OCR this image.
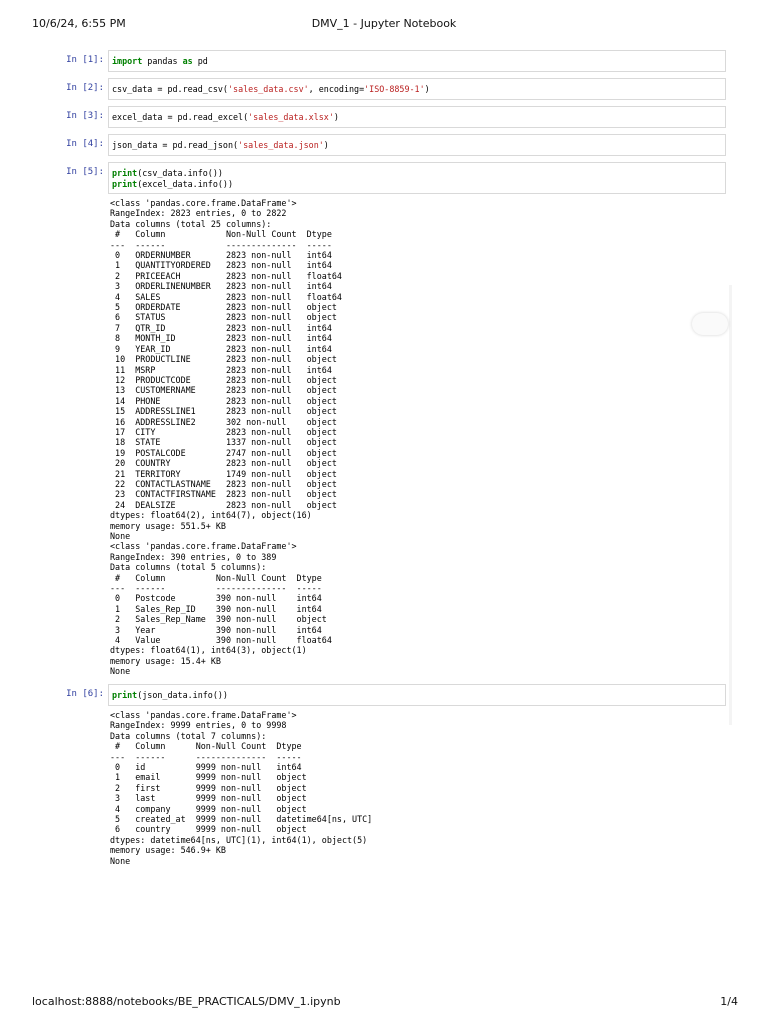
10/6/24, 6:55 PM	DMV_1 - Jupyter Notebook
In [1]: import pandas as pd
In [2]: csv_data = pd.read_csv('sales_data.csv', encoding='ISO-8859-1')
In [3]: excel_data = pd.read_excel('sales_data.xlsx')
In [4]: json_data = pd.read_json('sales_data.json')
In [5]: print(csv_data.info())
print(excel_data.info())
<class 'pandas.core.frame.DataFrame'>
RangeIndex: 2823 entries, 0 to 2822
Data columns (total 25 columns):
#   Column            Non-Null Count  Dtype
---  ------            --------------  -----
0   ORDERNUMBER       2823 non-null   int64
1   QUANTITYORDERED   2823 non-null   int64
2   PRICEEACH         2823 non-null   float64
3   ORDERLINENUMBER   2823 non-null   int64
4   SALES             2823 non-null   float64
5   ORDERDATE         2823 non-null   object
6   STATUS            2823 non-null   object
7   QTR_ID            2823 non-null   int64
8   MONTH_ID          2823 non-null   int64
9   YEAR_ID           2823 non-null   int64
10  PRODUCTLINE       2823 non-null   object
11  MSRP              2823 non-null   int64
12  PRODUCTCODE       2823 non-null   object
13  CUSTOMERNAME      2823 non-null   object
14  PHONE             2823 non-null   object
15  ADDRESSLINE1      2823 non-null   object
16  ADDRESSLINE2      302 non-null    object
17  CITY              2823 non-null   object
18  STATE             1337 non-null   object
19  POSTALCODE        2747 non-null   object
20  COUNTRY           2823 non-null   object
21  TERRITORY         1749 non-null   object
22  CONTACTLASTNAME   2823 non-null   object
23  CONTACTFIRSTNAME  2823 non-null   object
24  DEALSIZE          2823 non-null   object
dtypes: float64(2), int64(7), object(16)
memory usage: 551.5+ KB
None
<class 'pandas.core.frame.DataFrame'>
RangeIndex: 390 entries, 0 to 389
Data columns (total 5 columns):
#   Column          Non-Null Count  Dtype
---  ------          --------------  -----
0   Postcode        390 non-null    int64
1   Sales_Rep_ID    390 non-null    int64
2   Sales_Rep_Name  390 non-null    object
3   Year            390 non-null    int64
4   Value           390 non-null    float64
dtypes: float64(1), int64(3), object(1)
memory usage: 15.4+ KB
None
In [6]: print(json_data.info())
<class 'pandas.core.frame.DataFrame'>
RangeIndex: 9999 entries, 0 to 9998
Data columns (total 7 columns):
#   Column      Non-Null Count  Dtype
---  ------      --------------  -----
0   id          9999 non-null   int64
1   email       9999 non-null   object
2   first       9999 non-null   object
3   last        9999 non-null   object
4   company     9999 non-null   object
5   created_at  9999 non-null   datetime64[ns, UTC]
6   country     9999 non-null   object
dtypes: datetime64[ns, UTC](1), int64(1), object(5)
memory usage: 546.9+ KB
None
localhost:8888/notebooks/BE_PRACTICALS/DMV_1.ipynb	1/4
